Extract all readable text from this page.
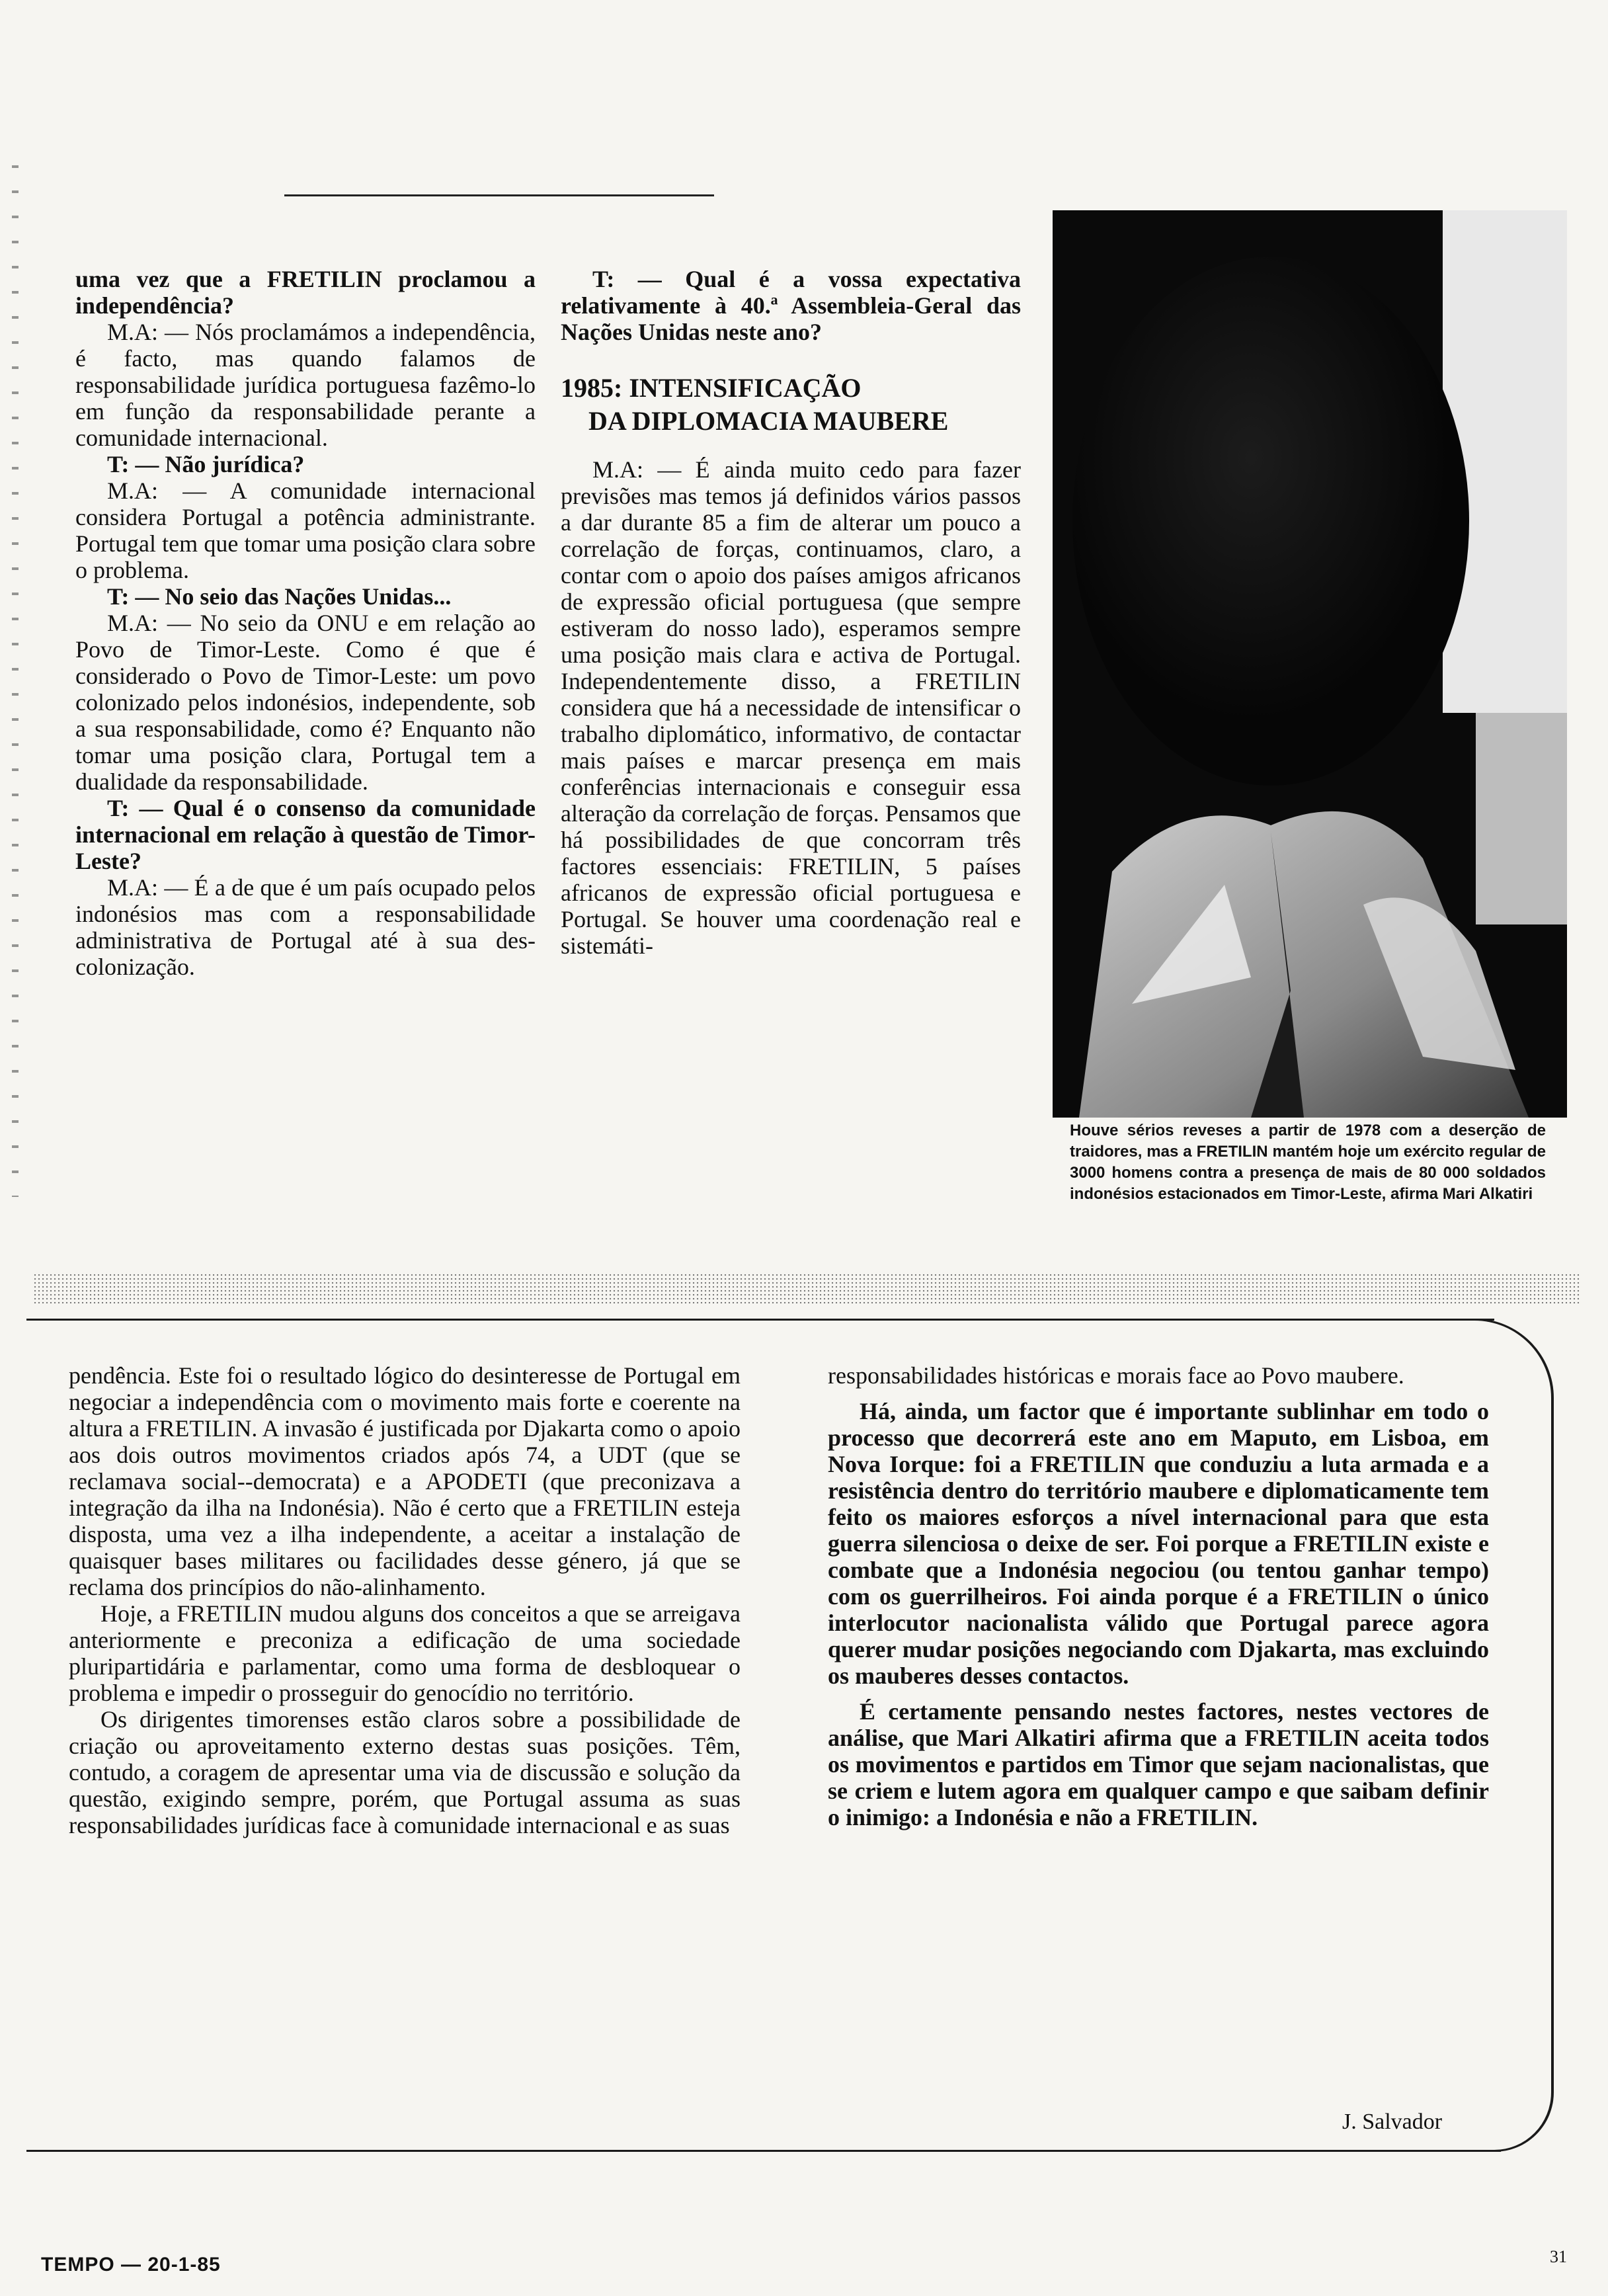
uma vez que a FRETILIN proclamou a independência?

M.A: — Nós proclamámos a independência, é facto, mas quando falamos de responsabilidade jurídica portuguesa fazêmo-lo em função da responsabilidade perante a comunidade internacional.

T: — Não jurídica?

M.A: — A comunidade internacional considera Portugal a potência administrante. Portugal tem que tomar uma posição clara sobre o problema.

T: — No seio das Nações Unidas...

M.A: — No seio da ONU e em relação ao Povo de Timor-Leste. Como é que é considerado o Povo de Timor-Leste: um povo colonizado pelos indonésios, independente, sob a sua responsabilidade, como é? Enquanto não tomar uma posição clara, Portugal tem a dualidade da responsabilidade.

T: — Qual é o consenso da comunidade internacional em relação à questão de Timor-Leste?

M.A: — É a de que é um país ocupado pelos indonésios mas com a responsabilidade administrativa de Portugal até à sua des-colonização.

T: — Qual é a vossa expectativa relativamente à 40.ª Assembleia-Geral das Nações Unidas neste ano?

1985: INTENSIFICAÇÃO
DA DIPLOMACIA MAUBERE

M.A: — É ainda muito cedo para fazer previsões mas temos já definidos vários passos a dar durante 85 a fim de alterar um pouco a correlação de forças, continuamos, claro, a contar com o apoio dos países amigos africanos de expressão oficial portuguesa (que sempre estiveram do nosso lado), esperamos sempre uma posição mais clara e activa de Portugal. Independentemente disso, a FRETILIN considera que há a necessidade de intensificar o trabalho diplomático, informativo, de contactar mais países e marcar presença em mais conferências internacionais e conseguir essa alteração da correlação de forças. Pensamos que há possibilidades de que concorram três factores essenciais: FRETILIN, 5 países africanos de expressão oficial portuguesa e Portugal. Se houver uma coordenação real e sistemáti-

Houve sérios reveses a partir de 1978 com a deserção de traidores, mas a FRETILIN mantém hoje um exército regular de 3000 homens contra a presença de mais de 80 000 soldados indonésios estacionados em Timor-Leste, afirma Mari Alkatiri

pendência. Este foi o resultado lógico do desinteresse de Portugal em negociar a independência com o movimento mais forte e coerente na altura a FRETILIN. A invasão é justificada por Djakarta como o apoio aos dois outros movimentos criados após 74, a UDT (que se reclamava social--democrata) e a APODETI (que preconizava a integração da ilha na Indonésia). Não é certo que a FRETILIN esteja disposta, uma vez a ilha independente, a aceitar a instalação de quaisquer bases militares ou facilidades desse género, já que se reclama dos princípios do não-alinhamento.

Hoje, a FRETILIN mudou alguns dos conceitos a que se arreigava anteriormente e preconiza a edificação de uma sociedade pluripartidária e parlamentar, como uma forma de desbloquear o problema e impedir o prosseguir do genocídio no território.

Os dirigentes timorenses estão claros sobre a possibilidade de criação ou aproveitamento externo destas suas posições. Têm, contudo, a coragem de apresentar uma via de discussão e solução da questão, exigindo sempre, porém, que Portugal assuma as suas responsabilidades jurídicas face à comunidade internacional e as suas

responsabilidades históricas e morais face ao Povo maubere.

Há, ainda, um factor que é importante sublinhar em todo o processo que decorrerá este ano em Maputo, em Lisboa, em Nova Iorque: foi a FRETILIN que conduziu a luta armada e a resistência dentro do território maubere e diplomaticamente tem feito os maiores esforços a nível internacional para que esta guerra silenciosa o deixe de ser. Foi porque a FRETILIN existe e combate que a Indonésia negociou (ou tentou ganhar tempo) com os guerrilheiros. Foi ainda porque é a FRETILIN o único interlocutor nacionalista válido que Portugal parece agora querer mudar posições negociando com Djakarta, mas excluindo os mauberes desses contactos.

É certamente pensando nestes factores, nestes vectores de análise, que Mari Alkatiri afirma que a FRETILIN aceita todos os movimentos e partidos em Timor que sejam nacionalistas, que se criem e lutem agora em qualquer campo e que saibam definir o inimigo: a Indonésia e não a FRETILIN.

J. Salvador
TEMPO — 20-1-85	31
